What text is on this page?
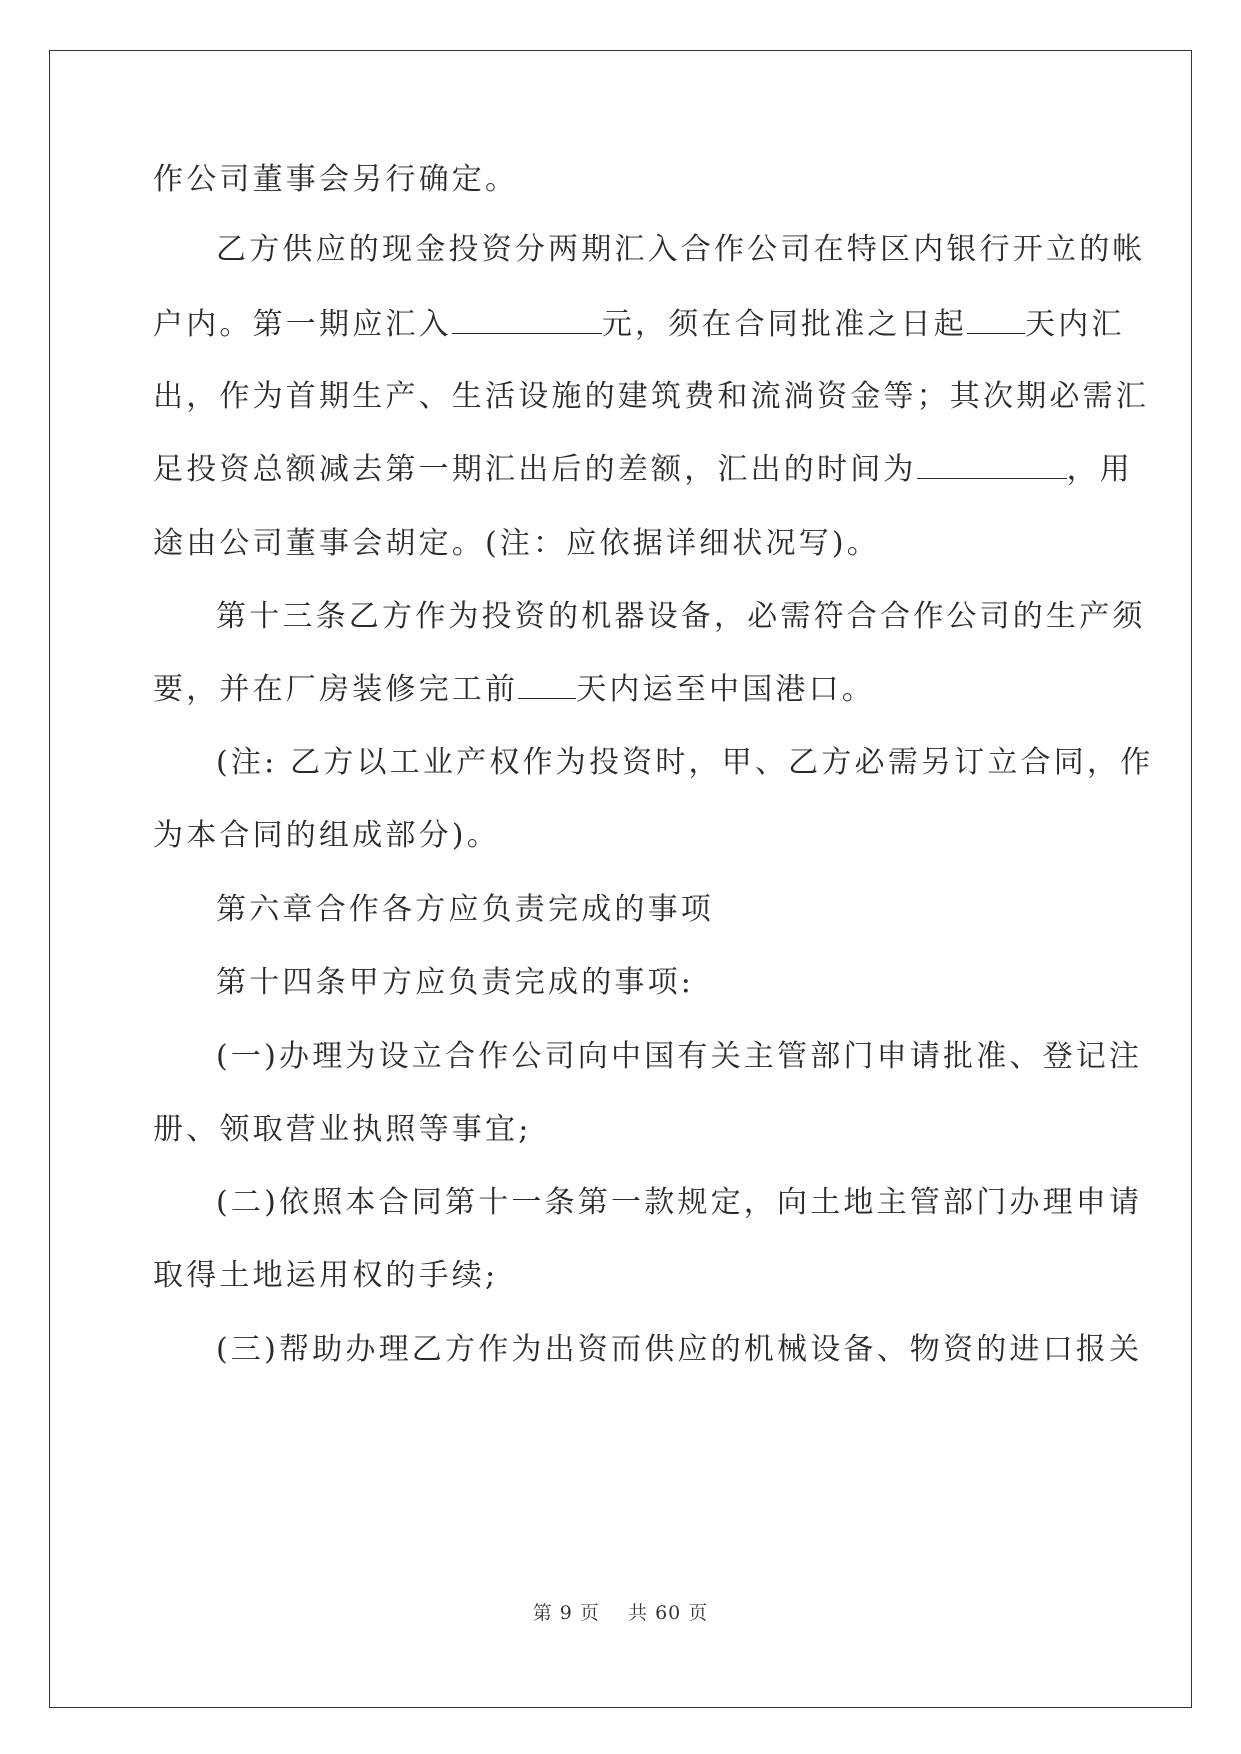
作公司董事会另行确定。
乙方供应的现金投资分两期汇入合作公司在特区内银行开立的帐
户内。第一期应汇入	元，须在合同批准之日起 天内汇
出，作为首期生产、生活设施的建筑费和流淌资金等；其次期必需汇
足投资总额减去第一期汇出后的差额，汇出的时间为	，用
途由公司董事会胡定。(注：应依据详细状况写)。
第十三条乙方作为投资的机器设备，必需符合合作公司的生产须
要，并在厂房装修完工前 天内运至中国港口。
(注: 乙方以工业产权作为投资时，甲、乙方必需另订立合同，作
为本合同的组成部分)。
第六章合作各方应负责完成的事项
第十四条甲方应负责完成的事项:
(一)办理为设立合作公司向中国有关主管部门申请批准、登记注
册、领取营业执照等事宜;
(二)依照本合同第十一条第一款规定，向土地主管部门办理申请
取得土地运用权的手续;
(三)帮助办理乙方作为出资而供应的机械设备、物资的进口报关
第 9 页 共 60 页
